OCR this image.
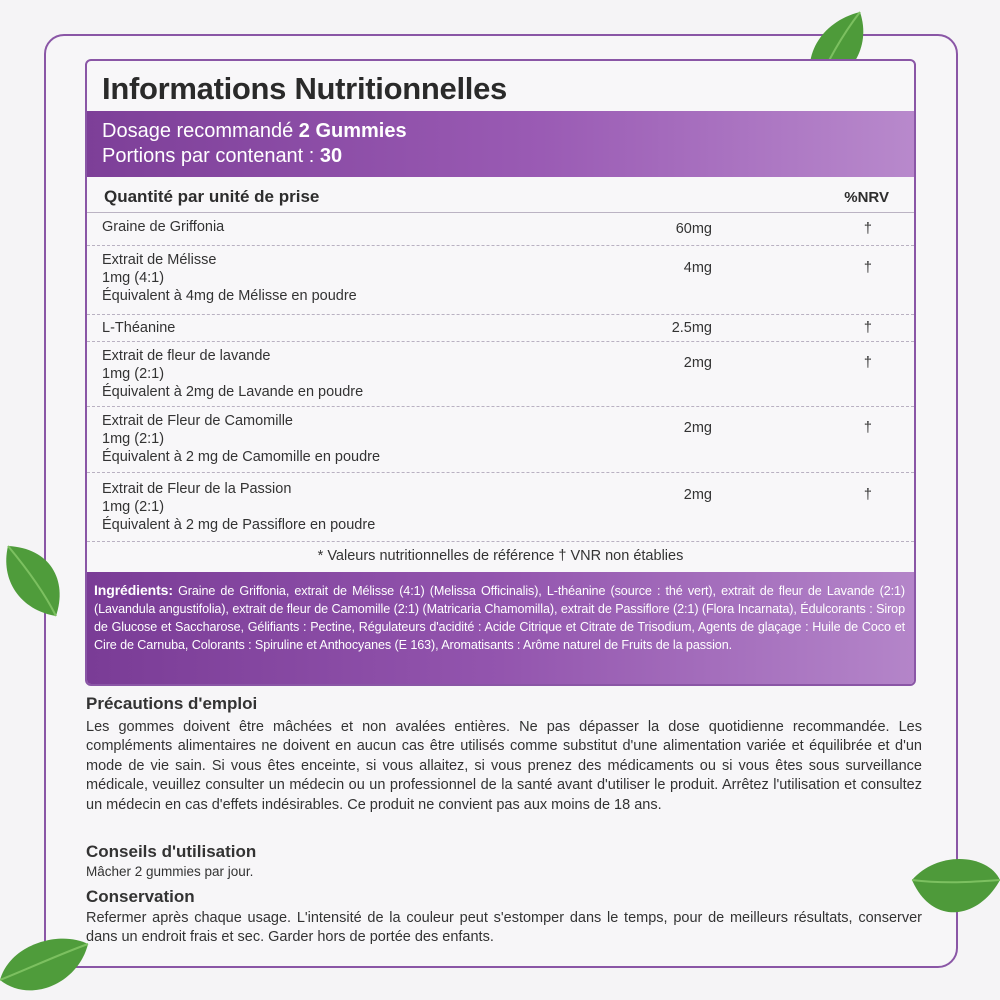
Informations Nutritionnelles
Dosage recommandé 2 Gummies
Portions par contenant : 30
Quantité par unité de prise	%NRV
Graine de Griffonia	60mg	†
Extrait de Mélisse
1mg (4:1)
Équivalent à 4mg de Mélisse en poudre
4mg	†
L-Théanine	2.5mg	†
Extrait de fleur de lavande
1mg (2:1)
Équivalent à 2mg de Lavande en poudre
2mg	†
Extrait de Fleur de Camomille
1mg (2:1)
Équivalent à 2 mg de Camomille en poudre
2mg	†
Extrait de Fleur de la Passion
1mg (2:1)
Équivalent à 2 mg de Passiflore en poudre
2mg	†
* Valeurs nutritionnelles de référence † VNR non établies
Ingrédients: Graine de Griffonia, extrait de Mélisse (4:1) (Melissa Officinalis), L-théanine (source : thé vert), extrait de fleur de Lavande (2:1) (Lavandula angustifolia), extrait de fleur de Camomille (2:1) (Matricaria Chamomilla), extrait de Passiflore (2:1) (Flora Incarnata), Édulcorants : Sirop de Glucose et Saccharose, Gélifiants : Pectine, Régulateurs d'acidité : Acide Citrique et Citrate de Trisodium, Agents de glaçage : Huile de Coco et Cire de Carnuba, Colorants : Spiruline et Anthocyanes (E 163), Aromatisants : Arôme naturel de Fruits de la passion.
Précautions d'emploi
Les gommes doivent être mâchées et non avalées entières. Ne pas dépasser la dose quotidienne recommandée. Les compléments alimentaires ne doivent en aucun cas être utilisés comme substitut d'une alimentation variée et équilibrée et d'un mode de vie sain. Si vous êtes enceinte, si vous allaitez, si vous prenez des médicaments ou si vous êtes sous surveillance médicale, veuillez consulter un médecin ou un professionnel de la santé avant d'utiliser le produit. Arrêtez l'utilisation et consultez un médecin en cas d'effets indésirables. Ce produit ne convient pas aux moins de 18 ans.
Conseils d'utilisation
Mâcher 2 gummies par jour.
Conservation
Refermer après chaque usage. L'intensité de la couleur peut s'estomper dans le temps, pour de meilleurs résultats, conserver dans un endroit frais et sec. Garder hors de portée des enfants.
